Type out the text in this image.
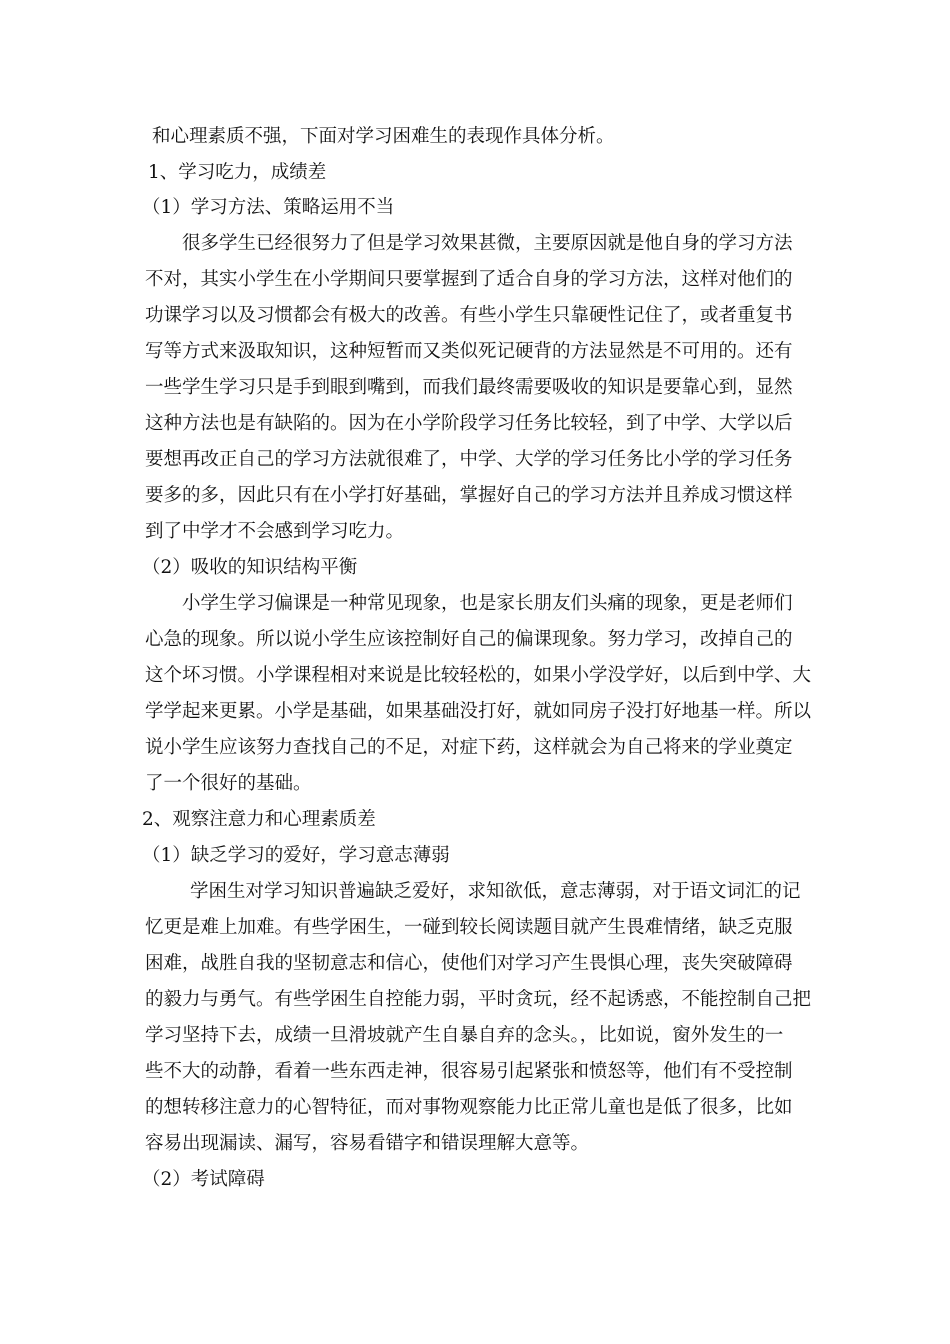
和心理素质不强，下面对学习困难生的表现作具体分析。
1、学习吃力，成绩差
（1）学习方法、策略运用不当
很多学生已经很努力了但是学习效果甚微，主要原因就是他自身的学习方法
不对，其实小学生在小学期间只要掌握到了适合自身的学习方法，这样对他们的
功课学习以及习惯都会有极大的改善。有些小学生只靠硬性记住了，或者重复书
写等方式来汲取知识，这种短暂而又类似死记硬背的方法显然是不可用的。还有
一些学生学习只是手到眼到嘴到，而我们最终需要吸收的知识是要靠心到，显然
这种方法也是有缺陷的。因为在小学阶段学习任务比较轻，到了中学、大学以后
要想再改正自己的学习方法就很难了，中学、大学的学习任务比小学的学习任务
要多的多，因此只有在小学打好基础，掌握好自己的学习方法并且养成习惯这样
到了中学才不会感到学习吃力。
（2）吸收的知识结构平衡
小学生学习偏课是一种常见现象，也是家长朋友们头痛的现象，更是老师们
心急的现象。所以说小学生应该控制好自己的偏课现象。努力学习，改掉自己的
这个坏习惯。小学课程相对来说是比较轻松的，如果小学没学好，以后到中学、大
学学起来更累。小学是基础，如果基础没打好，就如同房子没打好地基一样。所以
说小学生应该努力查找自己的不足，对症下药，这样就会为自己将来的学业奠定
了一个很好的基础。
2、观察注意力和心理素质差
（1）缺乏学习的爱好，学习意志薄弱
学困生对学习知识普遍缺乏爱好，求知欲低，意志薄弱，对于语文词汇的记
忆更是难上加难。有些学困生，一碰到较长阅读题目就产生畏难情绪，缺乏克服
困难，战胜自我的坚韧意志和信心，使他们对学习产生畏惧心理，丧失突破障碍
的毅力与勇气。有些学困生自控能力弱，平时贪玩，经不起诱惑，不能控制自己把
学习坚持下去，成绩一旦滑坡就产生自暴自弃的念头。，比如说，窗外发生的一
些不大的动静，看着一些东西走神，很容易引起紧张和愤怒等，他们有不受控制
的想转移注意力的心智特征，而对事物观察能力比正常儿童也是低了很多，比如
容易出现漏读、漏写，容易看错字和错误理解大意等。
（2）考试障碍
